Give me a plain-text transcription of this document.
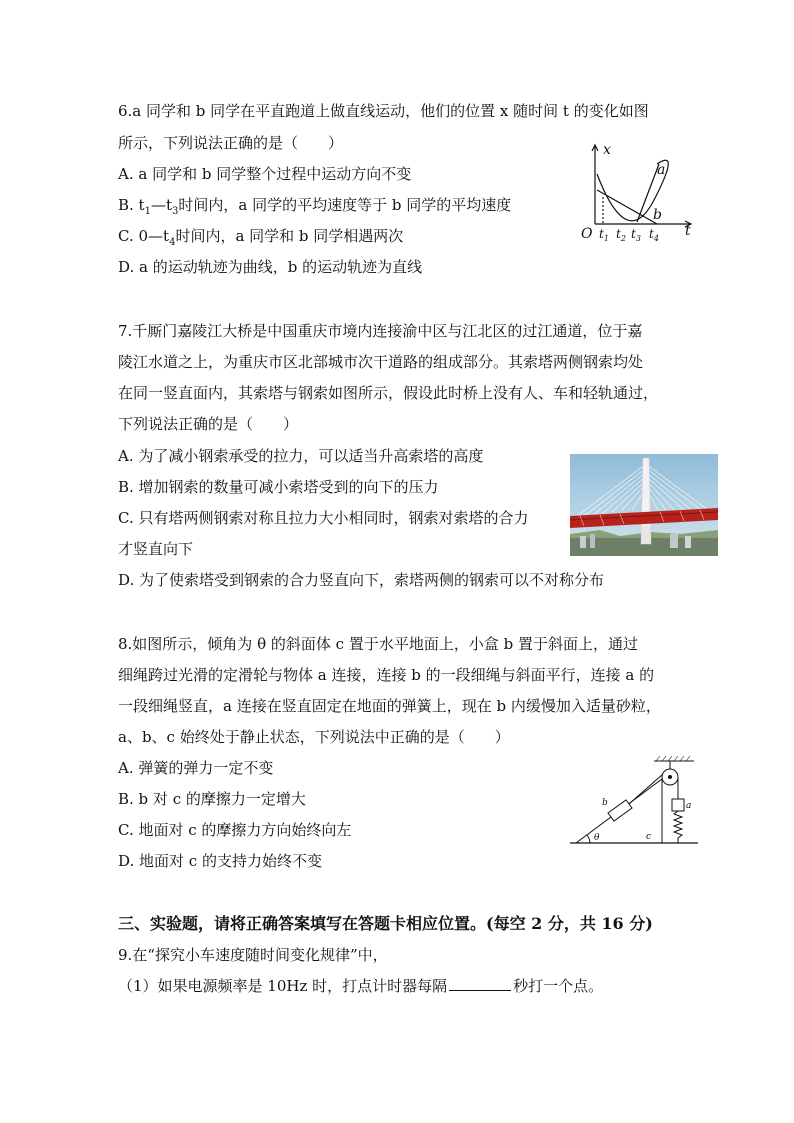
6.a 同学和 b 同学在平直跑道上做直线运动，他们的位置 x 随时间 t 的变化如图
所示，下列说法正确的是（　　）
A. a 同学和 b 同学整个过程中运动方向不变
B. $t_1—t_3$时间内，a 同学的平均速度等于 b 同学的平均速度
C. $0—t_4$时间内，a 同学和 b 同学相遇两次
D. a 的运动轨迹为曲线，b 的运动轨迹为直线
x
t
O
a
b
$t_1$ $t_2$ $t_3$ $t_4$
7.千厮门嘉陵江大桥是中国重庆市境内连接渝中区与江北区的过江通道，位于嘉
陵江水道之上，为重庆市区北部城市次干道路的组成部分。其索塔两侧钢索均处
在同一竖直面内，其索塔与钢索如图所示，假设此时桥上没有人、车和轻轨通过，
下列说法正确的是（　　）
A. 为了减小钢索承受的拉力，可以适当升高索塔的高度
B. 增加钢索的数量可减小索塔受到的向下的压力
C. 只有塔两侧钢索对称且拉力大小相同时，钢索对索塔的合力
才竖直向下
D. 为了使索塔受到钢索的合力竖直向下，索塔两侧的钢索可以不对称分布
8.如图所示，倾角为 θ 的斜面体 c 置于水平地面上，小盒 b 置于斜面上，通过
细绳跨过光滑的定滑轮与物体 a 连接，连接 b 的一段细绳与斜面平行，连接 a 的
一段细绳竖直，a 连接在竖直固定在地面的弹簧上，现在 b 内缓慢加入适量砂粒，
a、b、c 始终处于静止状态，下列说法中正确的是（　　）
A. 弹簧的弹力一定不变
B. b 对 c 的摩擦力一定增大
C. 地面对 c 的摩擦力方向始终向左
D. 地面对 c 的支持力始终不变
b	a
c
θ
三、实验题，请将正确答案填写在答题卡相应位置。(每空 2 分，共 16 分)
9.在“探究小车速度随时间变化规律”中，
（1）如果电源频率是 10Hz 时，打点计时器每隔	秒打一个点。
